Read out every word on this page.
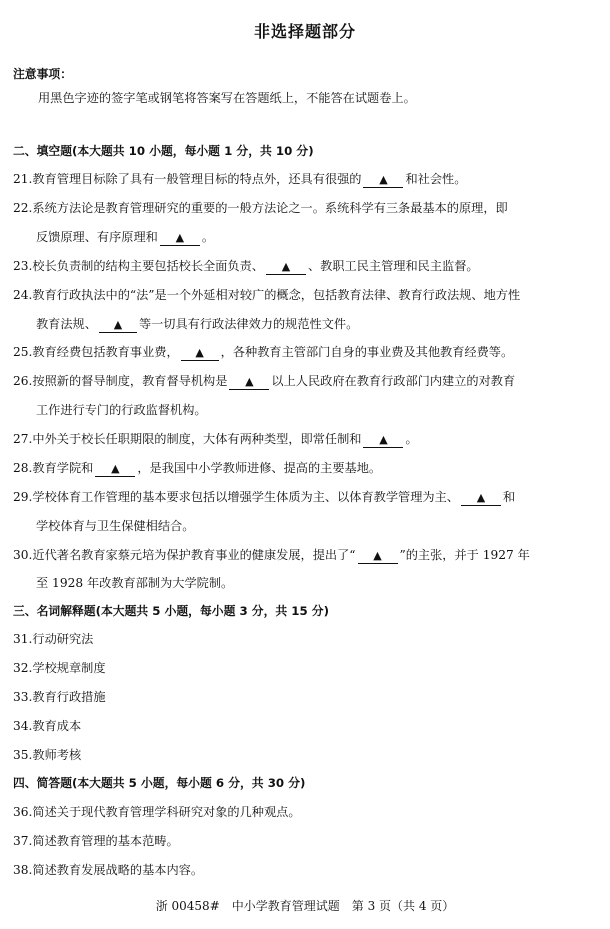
非选择题部分
注意事项：
用黑色字迹的签字笔或钢笔将答案写在答题纸上，不能答在试题卷上。
二、填空题(本大题共 10 小题，每小题 1 分，共 10 分)
21.教育管理目标除了具有一般管理目标的特点外，还具有很强的 ▲ 和社会性。
22.系统方法论是教育管理研究的重要的一般方法论之一。系统科学有三条最基本的原理，即
反馈原理、有序原理和 ▲ 。
23.校长负责制的结构主要包括校长全面负责、 ▲ 、教职工民主管理和民主监督。
24.教育行政执法中的“法”是一个外延相对较广的概念，包括教育法律、教育行政法规、地方性
教育法规、 ▲ 等一切具有行政法律效力的规范性文件。
25.教育经费包括教育事业费， ▲ ，各种教育主管部门自身的事业费及其他教育经费等。
26.按照新的督导制度，教育督导机构是 ▲ 以上人民政府在教育行政部门内建立的对教育
工作进行专门的行政监督机构。
27.中外关于校长任职期限的制度，大体有两种类型，即常任制和 ▲ 。
28.教育学院和 ▲ ，是我国中小学教师进修、提高的主要基地。
29.学校体育工作管理的基本要求包括以增强学生体质为主、以体育教学管理为主、 ▲ 和
学校体育与卫生保健相结合。
30.近代著名教育家蔡元培为保护教育事业的健康发展，提出了“ ▲ ”的主张，并于 1927 年
至 1928 年改教育部制为大学院制。
三、名词解释题(本大题共 5 小题，每小题 3 分，共 15 分)
31.行动研究法
32.学校规章制度
33.教育行政措施
34.教育成本
35.教师考核
四、简答题(本大题共 5 小题，每小题 6 分，共 30 分)
36.简述关于现代教育管理学科研究对象的几种观点。
37.简述教育管理的基本范畴。
38.简述教育发展战略的基本内容。
浙 00458# 中小学教育管理试题 第 3 页（共 4 页）
